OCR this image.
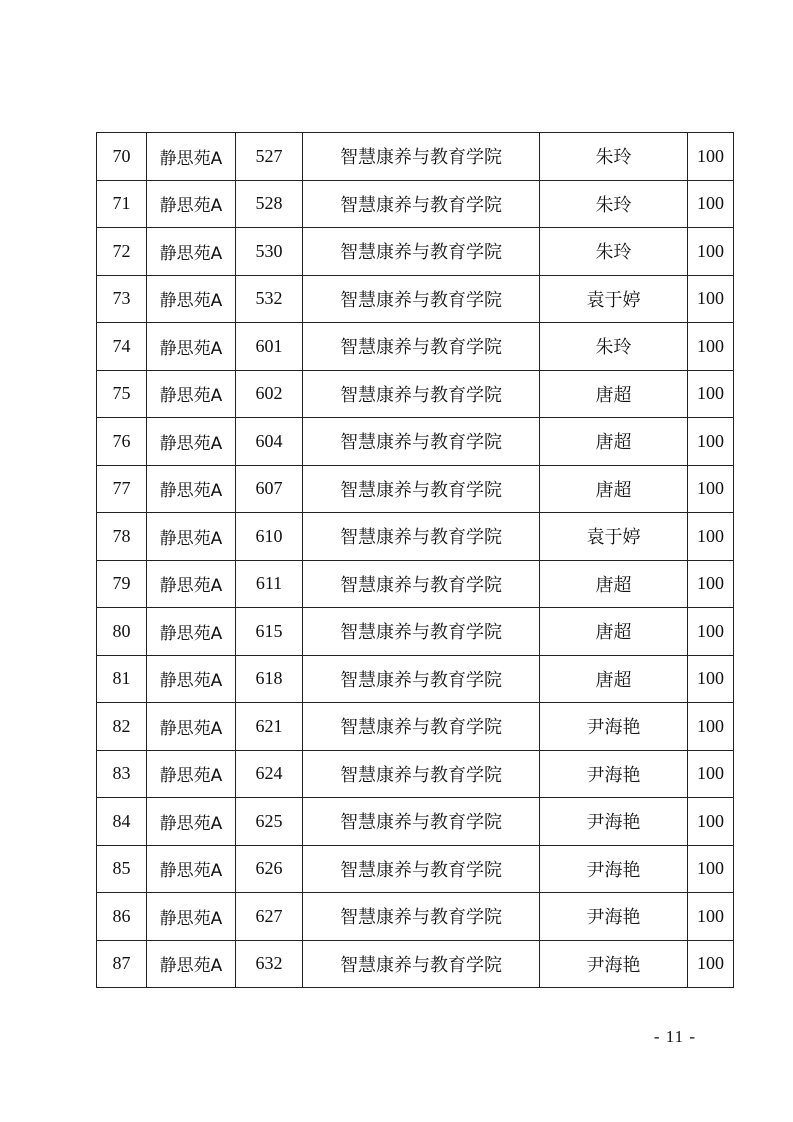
70	静思苑A	527	智慧康养与教育学院	朱玲	100
71	静思苑A	528	智慧康养与教育学院	朱玲	100
72	静思苑A	530	智慧康养与教育学院	朱玲	100
73	静思苑A	532	智慧康养与教育学院	袁于婷	100
74	静思苑A	601	智慧康养与教育学院	朱玲	100
75	静思苑A	602	智慧康养与教育学院	唐超	100
76	静思苑A	604	智慧康养与教育学院	唐超	100
77	静思苑A	607	智慧康养与教育学院	唐超	100
78	静思苑A	610	智慧康养与教育学院	袁于婷	100
79	静思苑A	611	智慧康养与教育学院	唐超	100
80	静思苑A	615	智慧康养与教育学院	唐超	100
81	静思苑A	618	智慧康养与教育学院	唐超	100
82	静思苑A	621	智慧康养与教育学院	尹海艳	100
83	静思苑A	624	智慧康养与教育学院	尹海艳	100
84	静思苑A	625	智慧康养与教育学院	尹海艳	100
85	静思苑A	626	智慧康养与教育学院	尹海艳	100
86	静思苑A	627	智慧康养与教育学院	尹海艳	100
87	静思苑A	632	智慧康养与教育学院	尹海艳	100
- 11 -
